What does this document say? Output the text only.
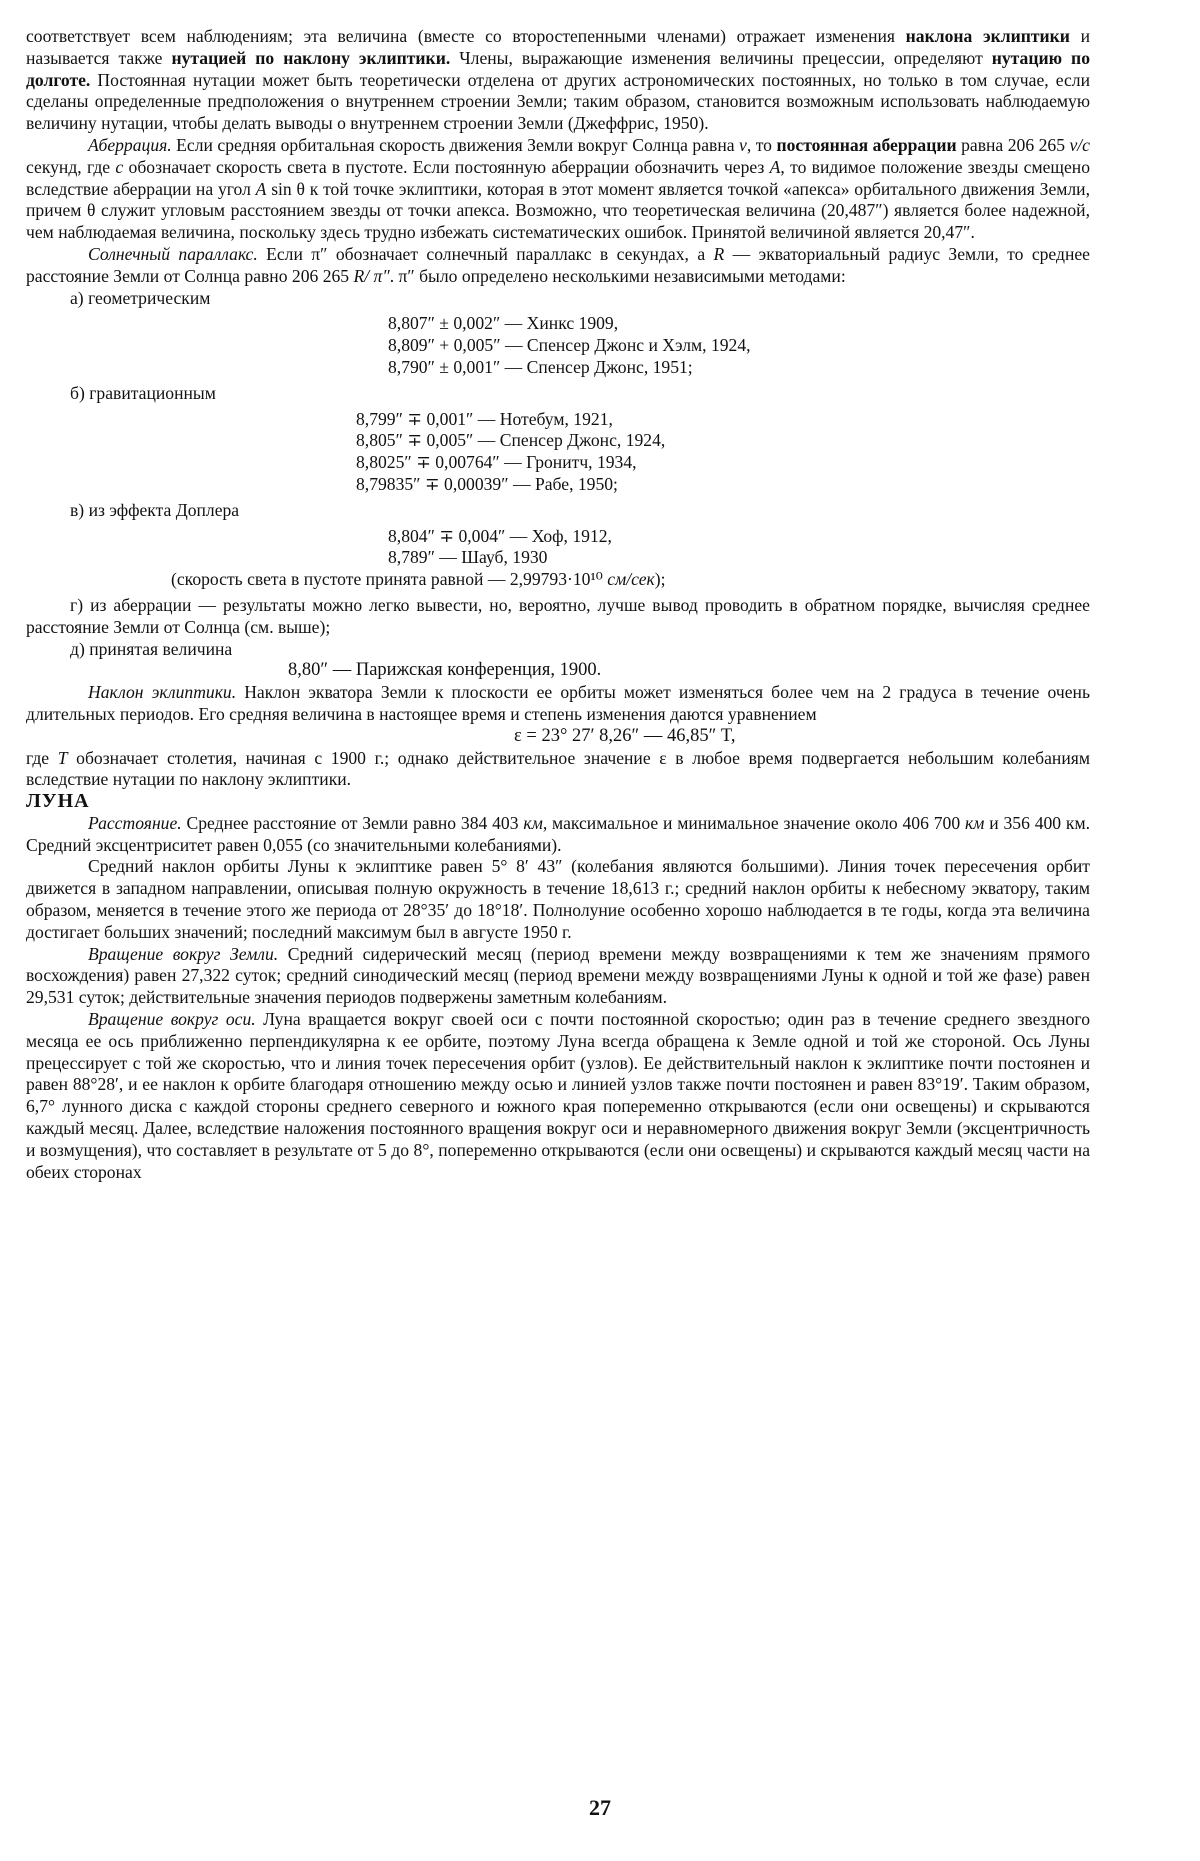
соответствует всем наблюдениям; эта величина (вместе со второстепенными членами) отражает изменения наклона эклиптики и называется также нутацией по наклону эклиптики. Члены, выражающие изменения величины прецессии, определяют нутацию по долготе. Постоянная нутации может быть теоретически отделена от других астрономических постоянных, но только в том случае, если сделаны определенные предположения о внутреннем строении Земли; таким образом, становится возможным использовать наблюдаемую величину нутации, чтобы делать выводы о внутреннем строении Земли (Джеффрис, 1950).

Аберрация. Если средняя орбитальная скорость движения Земли вокруг Солнца равна v, то постоянная аберрации равна 206 265 v/c секунд, где c обозначает скорость света в пустоте. Если постоянную аберрации обозначить через A, то видимое положение звезды смещено вследствие аберрации на угол A sin θ к той точке эклиптики, которая в этот момент является точкой «апекса» орбитального движения Земли, причем θ служит угловым расстоянием звезды от точки апекса. Возможно, что теоретическая величина (20,487″) является более надежной, чем наблюдаемая величина, поскольку здесь трудно избежать систематических ошибок. Принятой величиной является 20,47″.

Солнечный параллакс. Если π″ обозначает солнечный параллакс в секундах, а R — экваториальный радиус Земли, то среднее расстояние Земли от Солнца равно 206 265 R/ π″. π″ было определено несколькими независимыми методами:

а) геометрическим

8,807″ ± 0,002″ — Хинкс 1909,

8,809″ + 0,005″ — Спенсер Джонс и Хэлм, 1924,

8,790″ ± 0,001″ — Спенсер Джонс, 1951;

б) гравитационным

8,799″ ∓ 0,001″ — Нотебум, 1921,

8,805″ ∓ 0,005″ — Спенсер Джонс, 1924,

8,8025″ ∓ 0,00764″ — Гронитч, 1934,

8,79835″ ∓ 0,00039″ — Рабе, 1950;

в) из эффекта Доплера

8,804″ ∓ 0,004″ — Хоф, 1912,

8,789″ — Шауб, 1930

(скорость света в пустоте принята равной — 2,99793·10¹⁰ см/сек);

г) из аберрации — результаты можно легко вывести, но, вероятно, лучше вывод проводить в обратном порядке, вычисляя среднее расстояние Земли от Солнца (см. выше);

д) принятая величина

8,80″ — Парижская конференция, 1900.

Наклон эклиптики. Наклон экватора Земли к плоскости ее орбиты может изменяться более чем на 2 градуса в течение очень длительных периодов. Его средняя величина в настоящее время и степень изменения даются уравнением

ε = 23° 27′ 8,26″ — 46,85″ T,

где T обозначает столетия, начиная с 1900 г.; однако действительное значение ε в любое время подвергается небольшим колебаниям вследствие нутации по наклону эклиптики.

ЛУНА

Расстояние. Среднее расстояние от Земли равно 384 403 км, максимальное и минимальное значение около 406 700 км и 356 400 км. Средний эксцентриситет равен 0,055 (со значительными колебаниями).

Средний наклон орбиты Луны к эклиптике равен 5° 8′ 43″ (колебания являются большими). Линия точек пересечения орбит движется в западном направлении, описывая полную окружность в течение 18,613 г.; средний наклон орбиты к небесному экватору, таким образом, меняется в течение этого же периода от 28°35′ до 18°18′. Полнолуние особенно хорошо наблюдается в те годы, когда эта величина достигает больших значений; последний максимум был в августе 1950 г.

Вращение вокруг Земли. Средний сидерический месяц (период времени между возвращениями к тем же значениям прямого восхождения) равен 27,322 суток; средний синодический месяц (период времени между возвращениями Луны к одной и той же фазе) равен 29,531 суток; действительные значения периодов подвержены заметным колебаниям.

Вращение вокруг оси. Луна вращается вокруг своей оси с почти постоянной скоростью; один раз в течение среднего звездного месяца ее ось приближенно перпендикулярна к ее орбите, поэтому Луна всегда обращена к Земле одной и той же стороной. Ось Луны прецессирует с той же скоростью, что и линия точек пересечения орбит (узлов). Ее действительный наклон к эклиптике почти постоянен и равен 88°28′, и ее наклон к орбите благодаря отношению между осью и линией узлов также почти постоянен и равен 83°19′. Таким образом, 6,7° лунного диска с каждой стороны среднего северного и южного края попеременно открываются (если они освещены) и скрываются каждый месяц. Далее, вследствие наложения постоянного вращения вокруг оси и неравномерного движения вокруг Земли (эксцентричность и возмущения), что составляет в результате от 5 до 8°, попеременно открываются (если они освещены) и скрываются каждый месяц части на обеих сторонах

27
